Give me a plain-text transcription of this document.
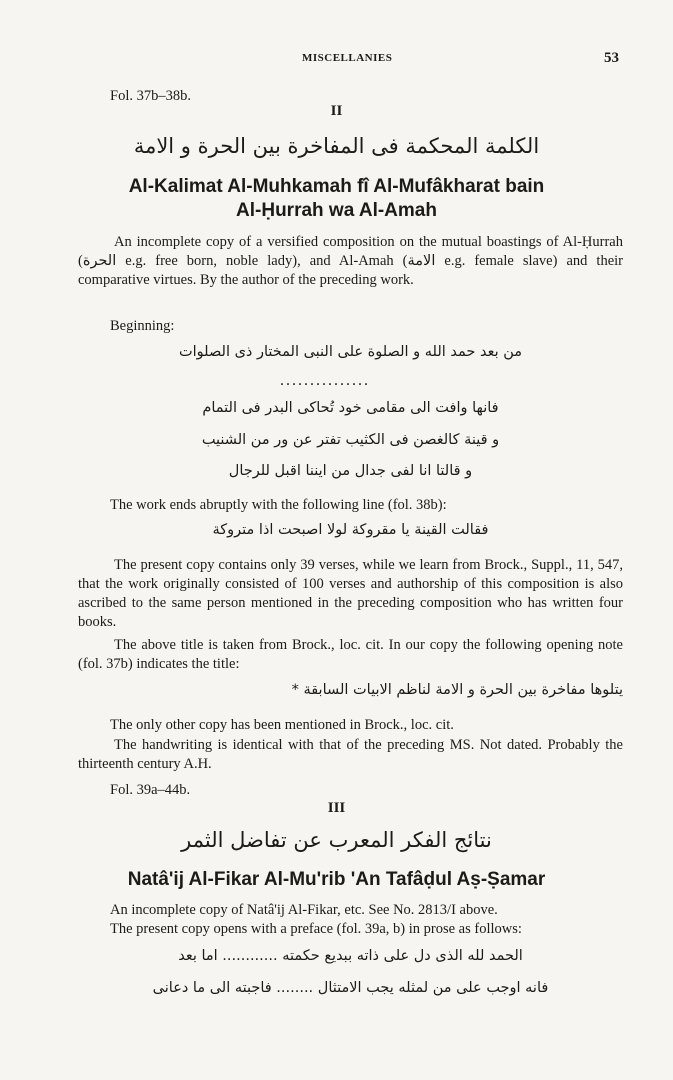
MISCELLANIES	53
Fol. 37b–38b.
II
الكلمة المحكمة فى المفاخرة بين الحرة و الامة
Al-Kalimat Al-Muhkamah fî Al-Mufâkharat bain
Al-Ḥurrah wa Al-Amah
An incomplete copy of a versified composition on the mutual boastings of Al-Ḥurrah (الحرة e.g. free born, noble lady), and Al-Amah (الامة e.g. female slave) and their comparative virtues. By the author of the preceding work.
Beginning:
من بعد حمد الله و الصلوة على النبى المختار ذى الصلوات
...............
فانها وافت الى مقامى خود تُحاكى البدر فى التمام
و قينة كالغصن فى الكثيب تفتر عن ور من الشنيب
و قالتا انا لفى جدال من ايننا اقبل للرجال
The work ends abruptly with the following line (fol. 38b):
فقالت القينة يا مقروكة لولا اصبحت اذا متروكة
The present copy contains only 39 verses, while we learn from Brock., Suppl., 11, 547, that the work originally consisted of 100 verses and authorship of this composition is also ascribed to the same person mentioned in the preceding composition who has written four books.
The above title is taken from Brock., loc. cit. In our copy the following opening note (fol. 37b) indicates the title:
يتلوها مفاخرة بين الحرة و الامة لناظم الابيات السابقة *
The only other copy has been mentioned in Brock., loc. cit.
The handwriting is identical with that of the preceding MS. Not dated. Probably the thirteenth century A.H.
Fol. 39a–44b.
III
نتائج الفكر المعرب عن تفاضل الثمر
Natâ'ij Al-Fikar Al-Mu'rib 'An Tafâḍul Aṣ-Ṣamar
An incomplete copy of Natâ'ij Al-Fikar, etc. See No. 2813/I above.
The present copy opens with a preface (fol. 39a, b) in prose as follows:
الحمد لله الذى دل على ذاته ببديع حكمته ............ اما بعد
فانه اوجب على من لمثله يجب الامتثال ........ فاجبته الى ما دعانى
